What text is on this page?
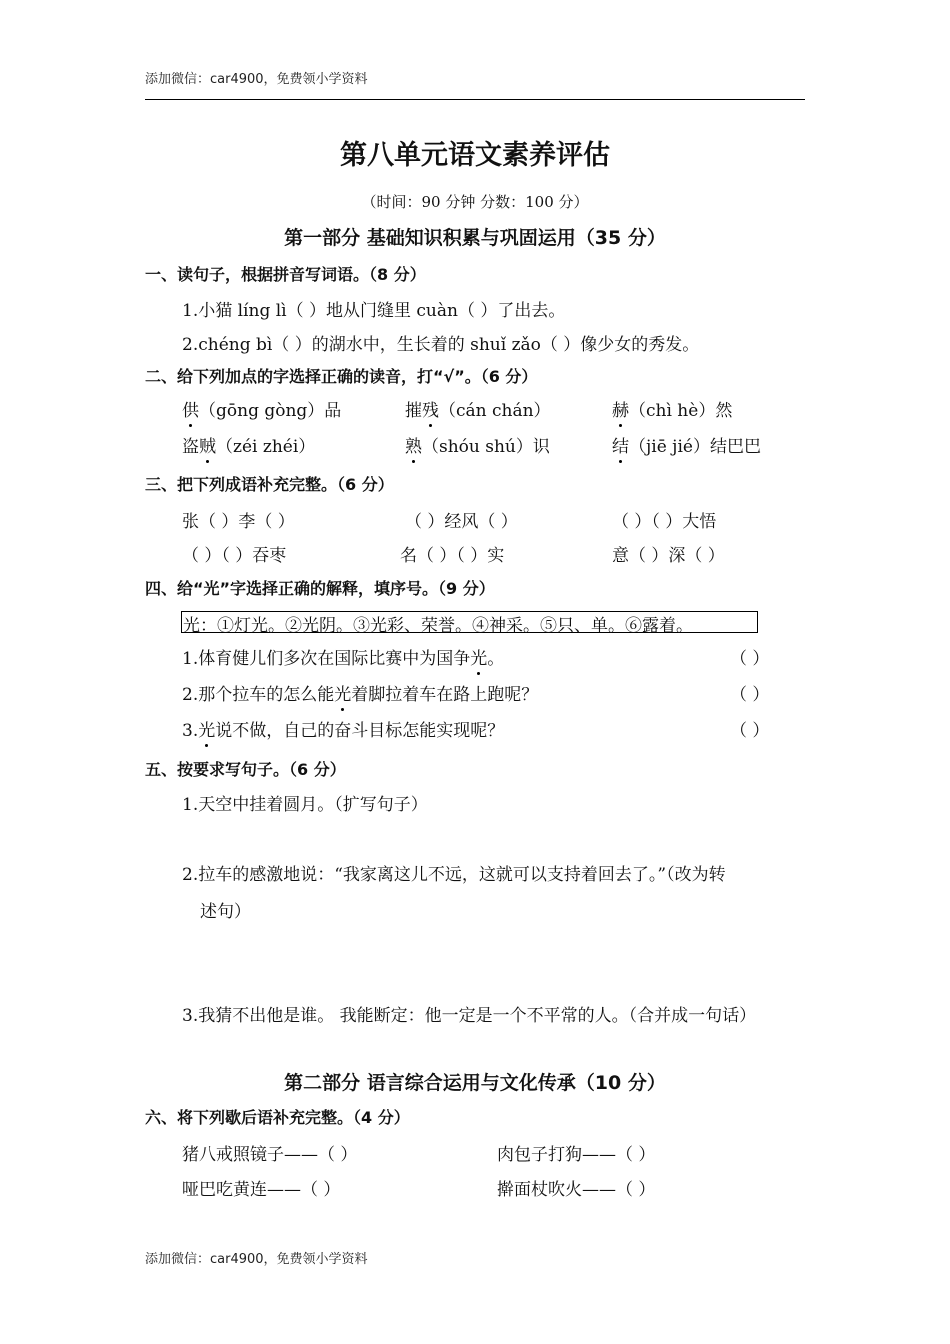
添加微信：car4900，免费领小学资料
第八单元语文素养评估
（时间：90 分钟 分数：100 分）
第一部分 基础知识积累与巩固运用（35 分）
一、读句子，根据拼音写词语。（8 分）
1.小猫 líng lì（ ）地从门缝里 cuàn（ ）了出去。
2.chéng bì（ ）的湖水中，生长着的 shuǐ zǎo（ ）像少女的秀发。
二、给下列加点的字选择正确的读音，打“√”。（6 分）
供（gōng gòng）品	摧残（cán chán）	赫（chì hè）然
盗贼（zéi zhéi）	熟（shóu shú）识	结（jiē jié）结巴巴
三、把下列成语补充完整。（6 分）
张（ ）李（ ）	（ ）经风（ ）	（ ）（ ）大悟
（ ）（ ）吞枣	名（ ）（ ）实	意（ ）深（ ）
四、给“光”字选择正确的解释，填序号。（9 分）
光：①灯光。②光阴。③光彩、荣誉。④神采。⑤只、单。⑥露着。
1.体育健儿们多次在国际比赛中为国争光。	（ ）
2.那个拉车的怎么能光着脚拉着车在路上跑呢？	（ ）
3.光说不做，自己的奋斗目标怎能实现呢？	（ ）
五、按要求写句子。（6 分）
1.天空中挂着圆月。（扩写句子）
2.拉车的感激地说：“我家离这儿不远，这就可以支持着回去了。”（改为转
述句）
3.我猜不出他是谁。 我能断定：他一定是一个不平常的人。（合并成一句话）
第二部分 语言综合运用与文化传承（10 分）
六、将下列歇后语补充完整。（4 分）
猪八戒照镜子——（ ）	肉包子打狗——（ ）
哑巴吃黄连——（ ）	擀面杖吹火——（ ）
添加微信：car4900，免费领小学资料
